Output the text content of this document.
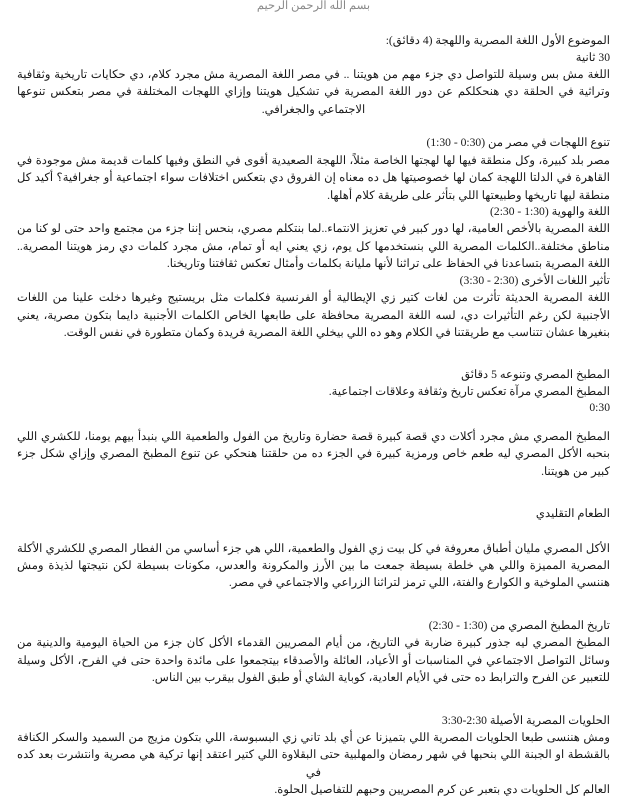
بسم الله الرحمن الرحيم

الموضوع الأول اللغة المصرية واللهجة (4 دقائق):

30 ثانية

اللغة مش بس وسيلة للتواصل دي جزء مهم من هويتنا .. في مصر اللغة المصرية مش مجرد كلام، دي حكايات تاريخية وثقافية وتراثية في الحلقة دي هنحكلكم عن دور اللغة المصرية في تشكيل هويتنا وإزاي اللهجات المختلفة في مصر بتعكس تنوعها الاجتماعي والجغرافي.

تنوع اللهجات في مصر من (0:30 - 1:30)

مصر بلد كبيرة، وكل منطقة فيها لها لهجتها الخاصة مثلاً، اللهجة الصعيدية أقوى في النطق وفيها كلمات قديمة مش موجودة في القاهرة في الدلتا اللهجة كمان لها خصوصيتها هل ده معناه إن الفروق دي بتعكس اختلافات سواء اجتماعية أو جغرافية؟ أكيد كل منطقة ليها تاريخها وطبيعتها اللي بتأثر على طريقة كلام أهلها.

اللغة والهوية (1:30 - 2:30)

اللغة المصرية بالأخص العامية، لها دور كبير في تعزيز الانتماء..لما بنتكلم مصري، بنحس إننا جزء من مجتمع واحد حتى لو كنا من مناطق مختلفة..الكلمات المصرية اللي بنستخدمها كل يوم، زي يعني ايه أو تمام، مش مجرد كلمات دي رمز هويتنا المصرية.. اللغة المصرية بتساعدنا في الحفاظ على تراثنا لأنها مليانة بكلمات وأمثال تعكس ثقافتنا وتاريخنا.

تأثير اللغات الأخرى (2:30 - 3:30)

اللغة المصرية الحديثة تأثرت من لغات كتير زي الإيطالية أو الفرنسية فكلمات مثل بريستيج وغيرها دخلت علينا من اللغات الأجنبية لكن رغم التأثيرات دي، لسه اللغة المصرية محافظة على طابعها الخاص الكلمات الأجنبية دايما بتكون مصرية، يعني بنغيرها عشان تتناسب مع طريقتنا في الكلام وهو ده اللي بيخلي اللغة المصرية فريدة وكمان متطورة في نفس الوقت.

المطبخ المصري وتنوعه 5 دقائق

المطبخ المصري مرآة تعكس تاريخ وثقافة وعلاقات اجتماعية.

0:30

المطبخ المصري مش مجرد أكلات دي قصة كبيرة قصة حضارة وتاريخ من الفول والطعمية اللي بنبدأ بيهم يومنا، للكشري اللي بنحبه الأكل المصري ليه طعم خاص ورمزية كبيرة في الجزء ده من حلقتنا هنحكي عن تنوع المطبخ المصري وإزاي شكل جزء كبير من هويتنا.

الطعام التقليدي

الأكل المصري مليان أطباق معروفة في كل بيت زي الفول والطعمية، اللي هي جزء أساسي من الفطار المصري للكشري الأكلة المصرية المميزة واللي هي خلطة بسيطة جمعت ما بين الأرز والمكرونة والعدس، مكونات بسيطة لكن نتيجتها لذيذة ومش هننسي الملوخية و الكوارع والفتة، اللي ترمز لتراثنا الزراعي والاجتماعي في مصر.

تاريخ المطبخ المصري من (1:30 - 2:30)

المطبخ المصري ليه جذور كبيرة ضاربة في التاريخ، من أيام المصريين القدماء الأكل كان جزء من الحياة اليومية والدينية من وسائل التواصل الاجتماعي في المناسبات أو الأعياد، العائلة والأصدقاء بيتجمعوا على مائدة واحدة حتى في الفرح، الأكل وسيلة للتعبير عن الفرح والترابط ده حتى في الأيام العادية، كوباية الشاي أو طبق الفول بيقرب بين الناس.

الحلويات المصرية الأصيلة 2:30-3:30

ومش هننسى طبعا الحلويات المصرية اللي بتميزنا عن أي بلد تاني زي البسبوسة، اللي بتكون مزيج من السميد والسكر الكنافة بالقشطة او الجبنة اللي بنحبها في شهر رمضان والمهلبية حتى البقلاوة اللي كتير اعتقد إنها تركية هي مصرية وانتشرت بعد كده في

العالم كل الحلويات دي بتعبر عن كرم المصريين وحبهم للتفاصيل الحلوة.
